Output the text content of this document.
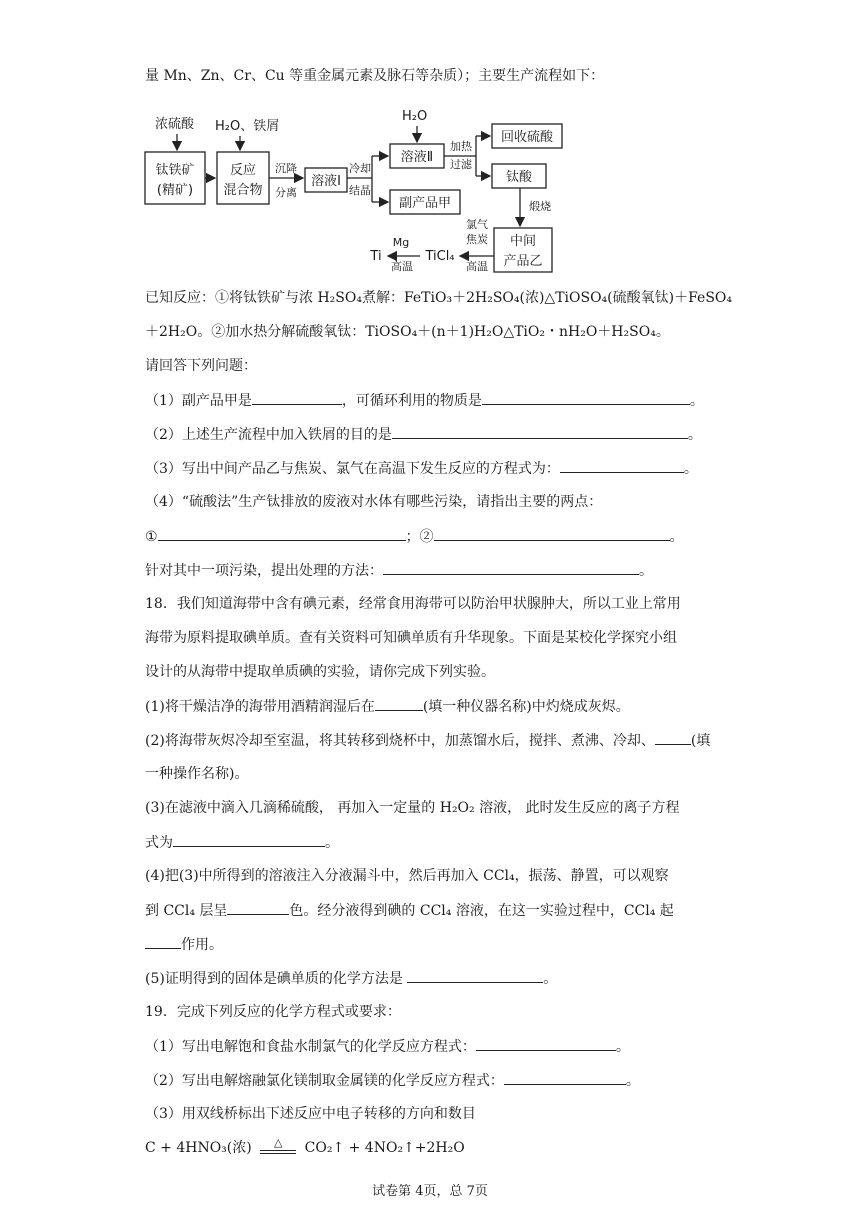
量 Mn、Zn、Cr、Cu 等重金属元素及脉石等杂质）；主要生产流程如下：
浓硫酸 H₂O、铁屑
H₂O
钛铁矿
(精矿)
反应
混合物
溶液Ⅰ
溶液Ⅱ
副产品甲
回收硫酸
钛酸
中间
产品乙
沉降
分离
冷却
结晶
加热
过滤
煅烧
氯气
焦炭
高温
Mg
高温
TiCl₄
Ti
已知反应：①将钛铁矿与浓 H₂SO₄煮解：FeTiO₃＋2H₂SO₄(浓)△TiOSO₄(硫酸氧钛)＋FeSO₄
＋2H₂O。②加水热分解硫酸氧钛：TiOSO₄＋(n＋1)H₂O△TiO₂・nH₂O＋H₂SO₄。
请回答下列问题：
（1）副产品甲是	，可循环利用的物质是	。
（2）上述生产流程中加入铁屑的目的是	。
（3）写出中间产品乙与焦炭、氯气在高温下发生反应的方程式为：	。
（4）“硫酸法”生产钛排放的废液对水体有哪些污染，请指出主要的两点：
①	；②	。
针对其中一项污染，提出处理的方法：	。
18．我们知道海带中含有碘元素，经常食用海带可以防治甲状腺肿大，所以工业上常用
海带为原料提取碘单质。查有关资料可知碘单质有升华现象。下面是某校化学探究小组
设计的从海带中提取单质碘的实验，请你完成下列实验。
(1)将干燥洁净的海带用酒精润湿后在	(填一种仪器名称)中灼烧成灰烬。
(2)将海带灰烬冷却至室温，将其转移到烧杯中，加蒸馏水后，搅拌、煮沸、冷却、	(填
一种操作名称)。
(3)在滤液中滴入几滴稀硫酸， 再加入一定量的 H₂O₂ 溶液， 此时发生反应的离子方程
式为	。
(4)把(3)中所得到的溶液注入分液漏斗中，然后再加入 CCl₄，振荡、静置，可以观察
到 CCl₄ 层呈	色。经分液得到碘的 CCl₄ 溶液，在这一实验过程中，CCl₄ 起
作用。
(5)证明得到的固体是碘单质的化学方法是	。
19．完成下列反应的化学方程式或要求：
（1）写出电解饱和食盐水制氯气的化学反应方程式：	。
（2）写出电解熔融氯化镁制取金属镁的化学反应方程式：	。
（3）用双线桥标出下述反应中电子转移的方向和数目
C + 4HNO₃(浓) △ CO₂↑ + 4NO₂↑+2H₂O
试卷第 4页，总 7页
